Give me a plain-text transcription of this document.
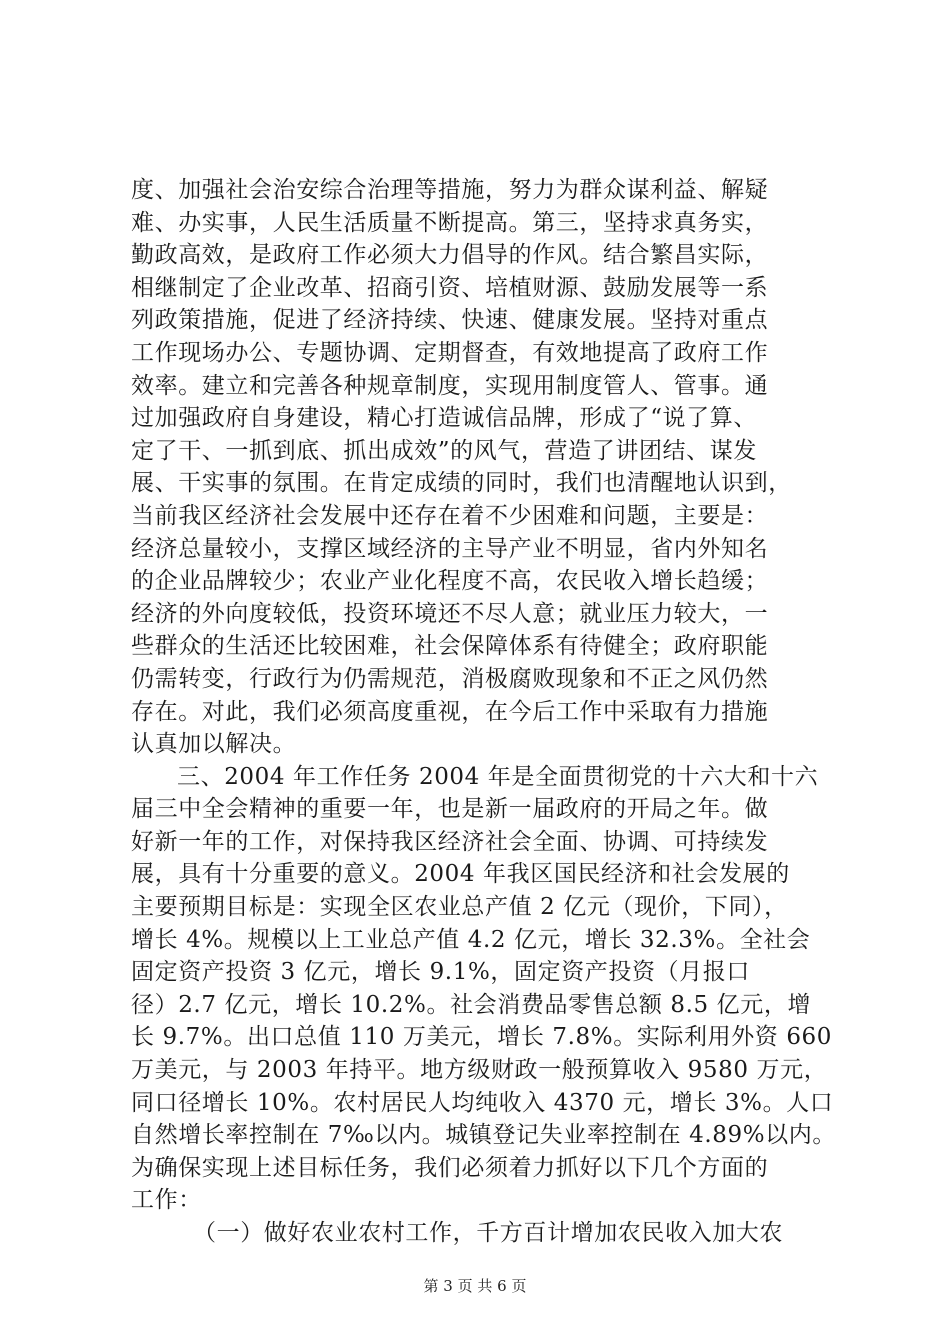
度、加强社会治安综合治理等措施，努力为群众谋利益、解疑
难、办实事，人民生活质量不断提高。第三，坚持求真务实，
勤政高效，是政府工作必须大力倡导的作风。结合繁昌实际，
相继制定了企业改革、招商引资、培植财源、鼓励发展等一系
列政策措施，促进了经济持续、快速、健康发展。坚持对重点
工作现场办公、专题协调、定期督查，有效地提高了政府工作
效率。建立和完善各种规章制度，实现用制度管人、管事。通
过加强政府自身建设，精心打造诚信品牌，形成了“说了算、
定了干、一抓到底、抓出成效”的风气，营造了讲团结、谋发
展、干实事的氛围。在肯定成绩的同时，我们也清醒地认识到，
当前我区经济社会发展中还存在着不少困难和问题，主要是：
经济总量较小，支撑区域经济的主导产业不明显，省内外知名
的企业品牌较少；农业产业化程度不高，农民收入增长趋缓；
经济的外向度较低，投资环境还不尽人意；就业压力较大，一
些群众的生活还比较困难，社会保障体系有待健全；政府职能
仍需转变，行政行为仍需规范，消极腐败现象和不正之风仍然
存在。对此，我们必须高度重视，在今后工作中采取有力措施
认真加以解决。
三、2004 年工作任务 2004 年是全面贯彻党的十六大和十六
届三中全会精神的重要一年，也是新一届政府的开局之年。做
好新一年的工作，对保持我区经济社会全面、协调、可持续发
展，具有十分重要的意义。2004 年我区国民经济和社会发展的
主要预期目标是：实现全区农业总产值 2 亿元（现价，下同），
增长 4%。规模以上工业总产值 4.2 亿元，增长 32.3%。全社会
固定资产投资 3 亿元，增长 9.1%，固定资产投资（月报口
径）2.7 亿元，增长 10.2%。社会消费品零售总额 8.5 亿元，增
长 9.7%。出口总值 110 万美元，增长 7.8%。实际利用外资 660
万美元，与 2003 年持平。地方级财政一般预算收入 9580 万元，
同口径增长 10%。农村居民人均纯收入 4370 元，增长 3%。人口
自然增长率控制在 7‰以内。城镇登记失业率控制在 4.89%以内。
为确保实现上述目标任务，我们必须着力抓好以下几个方面的
工作：
（一）做好农业农村工作，千方百计增加农民收入加大农
第 3 页 共 6 页
